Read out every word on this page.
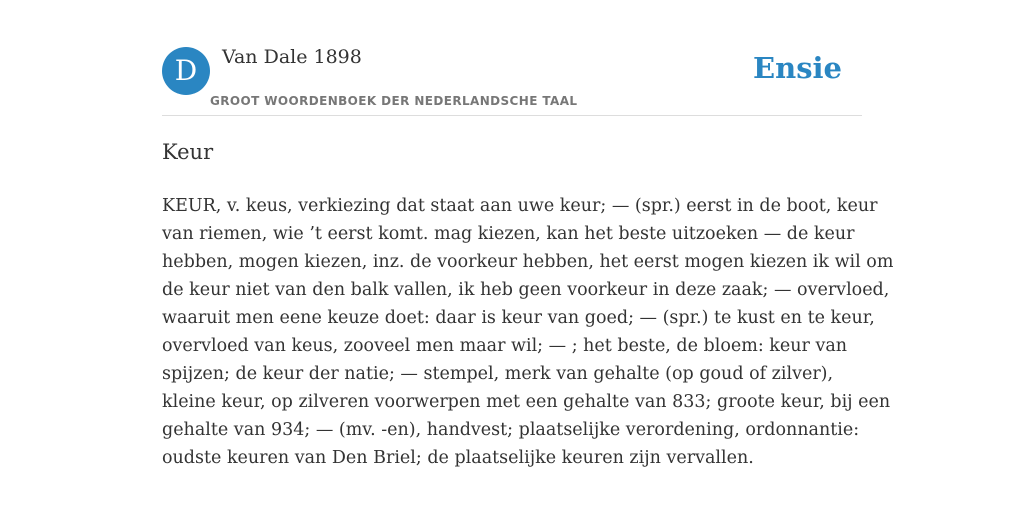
D	Van Dale 1898
GROOT WOORDENBOEK DER NEDERLANDSCHE TAAL
Ensie
Keur
KEUR, v. keus, verkiezing dat staat aan uwe keur; — (spr.) eerst in de boot, keur
van riemen, wie ’t eerst komt. mag kiezen, kan het beste uitzoeken — de keur
hebben, mogen kiezen, inz. de voorkeur hebben, het eerst mogen kiezen ik wil om
de keur niet van den balk vallen, ik heb geen voorkeur in deze zaak; — overvloed,
waaruit men eene keuze doet: daar is keur van goed; — (spr.) te kust en te keur,
overvloed van keus, zooveel men maar wil; — ; het beste, de bloem: keur van
spijzen; de keur der natie; — stempel, merk van gehalte (op goud of zilver),
kleine keur, op zilveren voorwerpen met een gehalte van 833; groote keur, bij een
gehalte van 934; — (mv. -en), handvest; plaatselijke verordening, ordonnantie:
oudste keuren van Den Briel; de plaatselijke keuren zijn vervallen.
